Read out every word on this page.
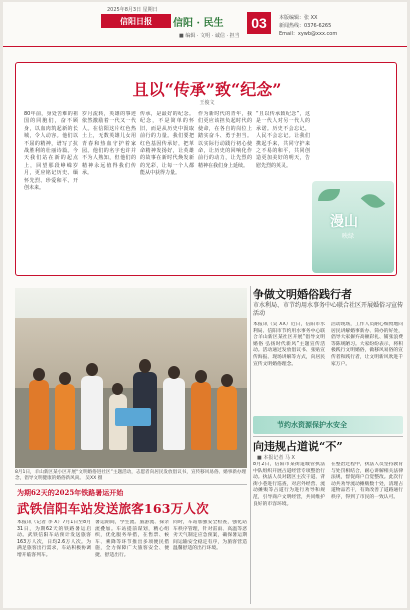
2025年8月3日 星期日
信阳日报	信阳 · 民生
■ 编辑 · 文明 · 诚信 · 担当
03	本版编辑：张 XX
新闻热线：0376-6265
Email：xywb@xxx.com
且以“传承”致“纪念”
王俊文
80年前，身处苦难的祖国的同胞们，奋不顾身，以血肉筑起新的长城，令人动容。他们以不屈的精神，谱写了抗战胜利的壮丽诗篇。今天我们站在新的起点上，回望那段峥嵘岁月，更应铭记历史、缅怀先烈、珍爱和平、开创未来。
岁月流转，英雄的事迹依然激励着一代又一代人。在信阳这片红色热土上，无数英雄儿女用青春和热血守护着家园。他们的名字也许并不为人熟知，但他们的精神永远值得我们传承。
传承，是最好的纪念。纪念，不是简单的怀旧，而是从历史中汲取前行的力量。我们要把红色基因传承好，把革命精神发扬好，让英雄的故事在新时代焕发新的光彩，让每一个人都能从中获得力量。
作为新时代的青年，我们更应该担负起时代的使命，在各自的岗位上踏实奋斗、勇于担当。以实际行动践行初心使命，让历史的回响化作前行的动力，让先烈的精神在我们身上延续。
“且以传承致纪念”，这是一代人对另一代人的承诺。历史不会忘记，人民不会忘记。让我们携起手来，共同守护来之不易的和平，共同创造更加美好的明天，告慰先烈的英灵。
漫山
映绿
8月1日，羊山新区某小区开展“文明婚俗进社区”主题活动，志愿者向居民发放倡议书，宣传移风易俗、婚事新办理念，倡导文明健康的婚俗新风尚。 吴XX 摄
争做文明婚俗践行者
市水利局、市节约用水事务中心联合社区开展婚俗习宣传活动
本报讯（吴 XX）近日，信阳市水利局、信阳市节约用水事务中心联合羊山新区某社区开展“倡导文明婚俗 弘扬时代新风”主题宣传活动。活动通过发放倡议书、张贴宣传海报、现场讲解等方式，向居民宣传文明婚俗理念。
活动现场，工作人员耐心细致地向居民讲解婚事新办、简办的好处，倡导大家摒弃高额彩礼、铺张浪费等陈规陋习。大家纷纷表示，将积极践行文明婚俗，做移风易俗的宣传者和践行者，让文明新风吹进千家万户。
节约水资源保护水安全
向违规占道说“不”
■ 本报记者 马 X
8月2日，信阳市某街道城管执法中队组织开展占道经营专项整治行动。执法人员对辖区主次干道、背街小巷进行巡查，对店外经营、流动摊贩等占道行为进行劝导和规范，引导商户文明经营，共同维护良好的市容环境。
在整治过程中，执法人员坚持教育与处罚相结合，耐心讲解相关法律法规，督促商户自觉整改。此次行动共劝导流动摊贩数十处，清理占道物品若干，有效改善了道路通行秩序，得到了市民的一致认可。
为期62天的2025年铁路暑运开始
武铁信阳车站发送旅客163万人次
本报讯（记者 李 X）7月1日至8月31日，为期62天的铁路暑运启动。武铁信阳车站预计发送旅客163万人次，日均2.6万人次。为满足旅客出行需求，车站积极协调增开临客列车。
暑运期间，学生流、旅游流、探亲流叠加。车站提前谋划，精心组织，优化服务举措，在售票、候车、乘降等环节推出多项便民措施，全力保障广大旅客安全、便捷、舒适出行。
同时，车站加强安全检查，强化站车秩序管理，针对雷雨、高温等恶劣天气制定应急预案，确保暑运期间运输安全稳定有序，为旅客营造温馨舒适的出行环境。
